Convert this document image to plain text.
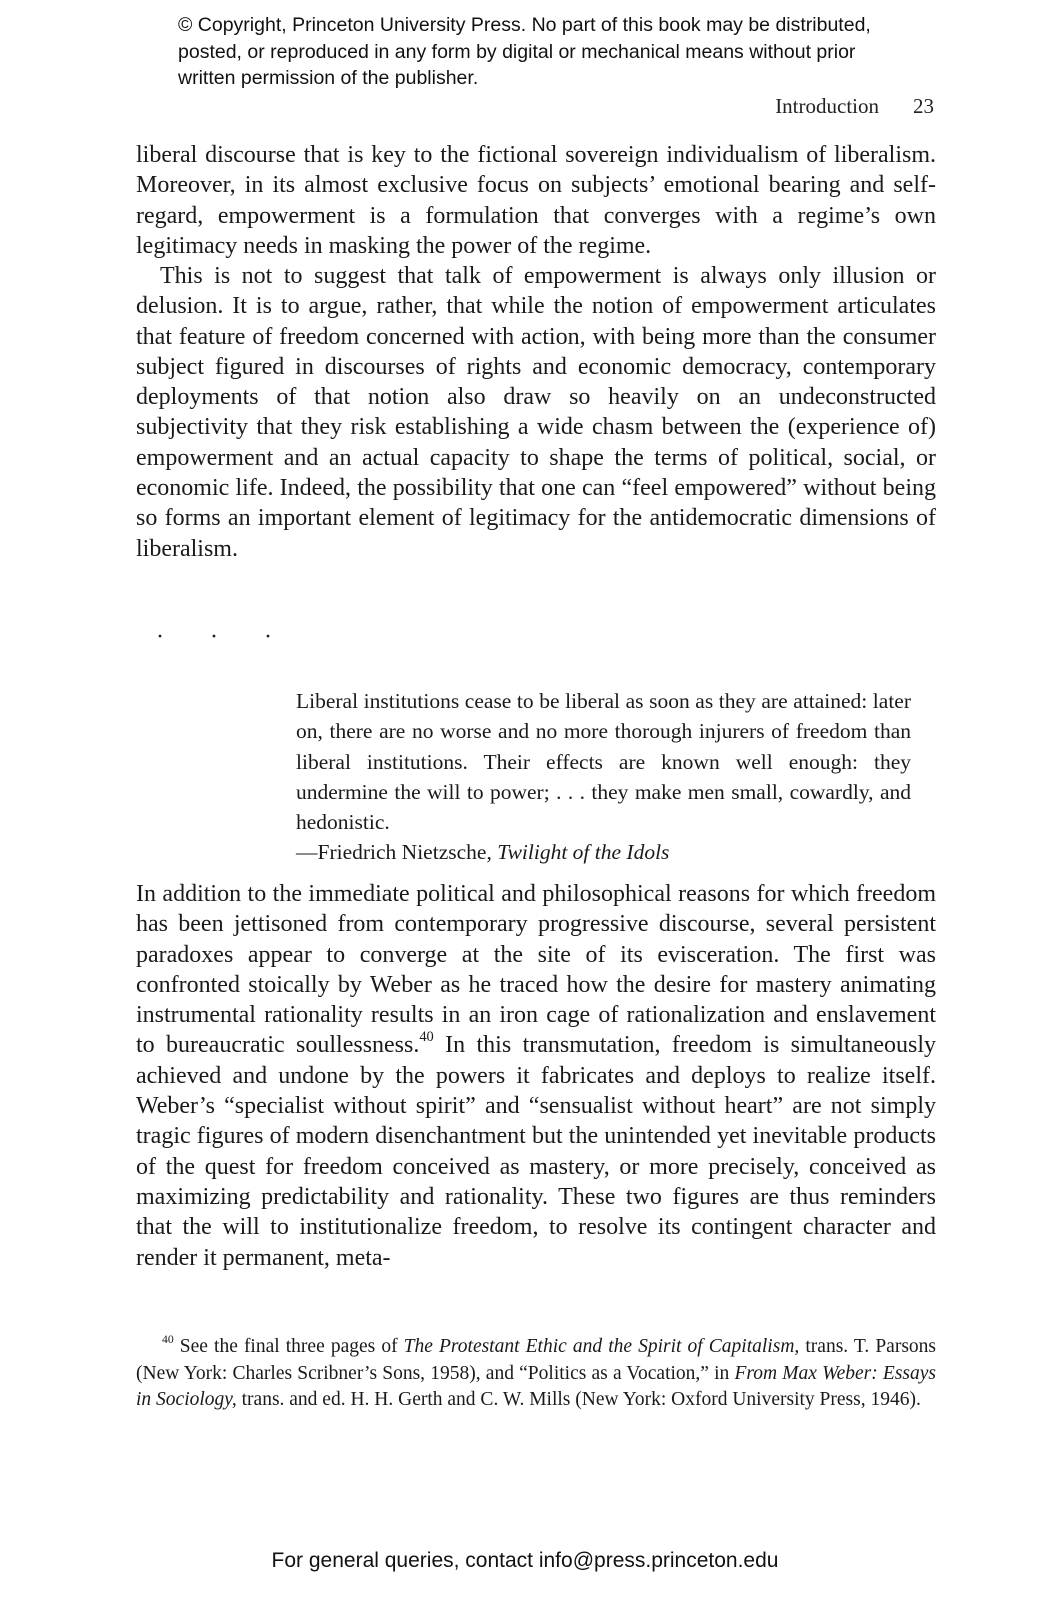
© Copyright, Princeton University Press. No part of this book may be distributed, posted, or reproduced in any form by digital or mechanical means without prior written permission of the publisher.
Introduction 23

liberal discourse that is key to the fictional sovereign individualism of liberalism. Moreover, in its almost exclusive focus on subjects’ emotional bearing and self-regard, empowerment is a formulation that converges with a regime’s own legitimacy needs in masking the power of the regime.

This is not to suggest that talk of empowerment is always only illusion or delusion. It is to argue, rather, that while the notion of empowerment articulates that feature of freedom concerned with action, with being more than the consumer subject figured in discourses of rights and economic democracy, contemporary deployments of that notion also draw so heavily on an undeconstructed subjectivity that they risk establishing a wide chasm between the (experience of) empowerment and an actual capacity to shape the terms of political, social, or economic life. Indeed, the possibility that one can “feel empowered” without being so forms an important element of legitimacy for the antidemocratic dimensions of liberalism.

· · ·

Liberal institutions cease to be liberal as soon as they are attained: later on, there are no worse and no more thorough injurers of freedom than liberal institutions. Their effects are known well enough: they undermine the will to power; . . . they make men small, cowardly, and hedonistic.

—Friedrich Nietzsche, Twilight of the Idols

In addition to the immediate political and philosophical reasons for which freedom has been jettisoned from contemporary progressive discourse, several persistent paradoxes appear to converge at the site of its evisceration. The first was confronted stoically by Weber as he traced how the desire for mastery animating instrumental rationality results in an iron cage of rationalization and enslavement to bureaucratic soullessness.$^{40}$ In this transmutation, freedom is simultaneously achieved and undone by the powers it fabricates and deploys to realize itself. Weber’s “specialist without spirit” and “sensualist without heart” are not simply tragic figures of modern disenchantment but the unintended yet inevitable products of the quest for freedom conceived as mastery, or more precisely, conceived as maximizing predictability and rationality. These two figures are thus reminders that the will to institutionalize freedom, to resolve its contingent character and render it permanent, meta-

$^{40}$ See the final three pages of The Protestant Ethic and the Spirit of Capitalism, trans. T. Parsons (New York: Charles Scribner’s Sons, 1958), and “Politics as a Vocation,” in From Max Weber: Essays in Sociology, trans. and ed. H. H. Gerth and C. W. Mills (New York: Oxford University Press, 1946).

For general queries, contact info@press.princeton.edu
